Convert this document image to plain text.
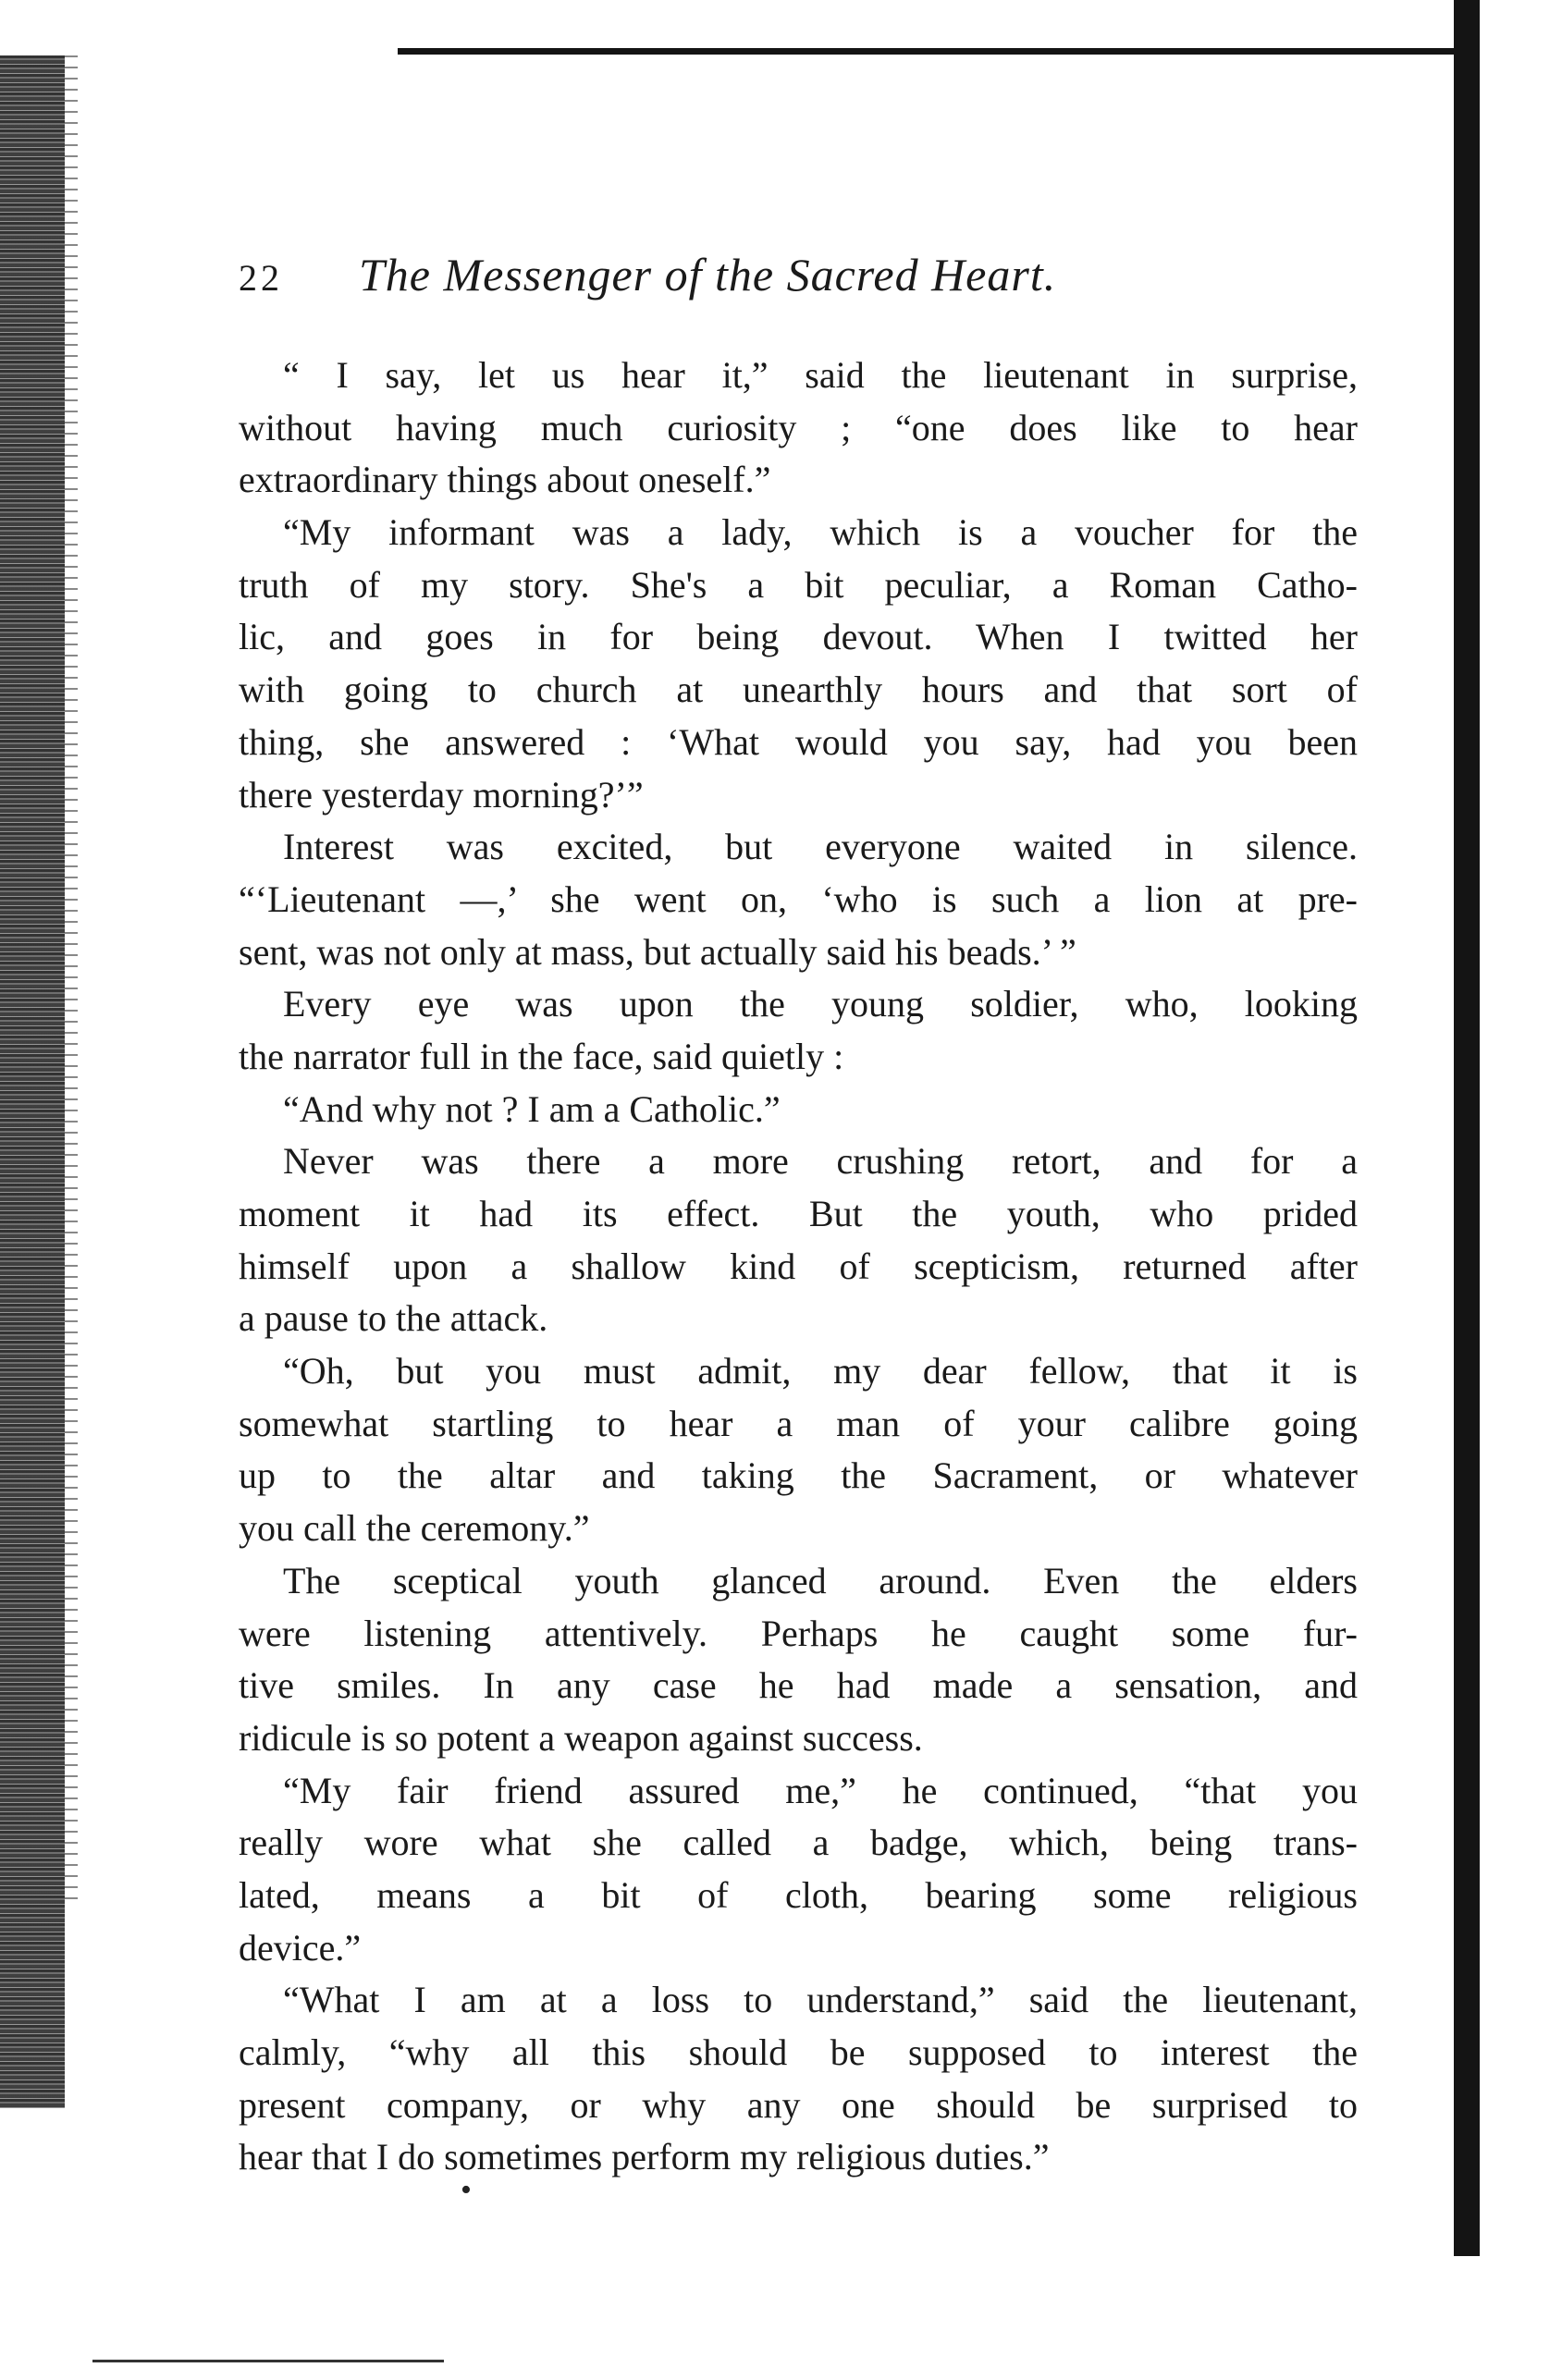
•
22 The Messenger of the Sacred Heart.
“ I say, let us hear it,” said the lieutenant in surprise,
without having much curiosity ; “one does like to hear
extraordinary things about oneself.”
“My informant was a lady, which is a voucher for the
truth of my story. She's a bit peculiar, a Roman Catho-
lic, and goes in for being devout. When I twitted her
with going to church at unearthly hours and that sort of
thing, she answered : ‘What would you say, had you been
there yesterday morning?’”
Interest was excited, but everyone waited in silence.
“‘Lieutenant —,’ she went on, ‘who is such a lion at pre-
sent, was not only at mass, but actually said his beads.’ ”
Every eye was upon the young soldier, who, looking
the narrator full in the face, said quietly :
“And why not ? I am a Catholic.”
Never was there a more crushing retort, and for a
moment it had its effect. But the youth, who prided
himself upon a shallow kind of scepticism, returned after
a pause to the attack.
“Oh, but you must admit, my dear fellow, that it is
somewhat startling to hear a man of your calibre going
up to the altar and taking the Sacrament, or whatever
you call the ceremony.”
The sceptical youth glanced around. Even the elders
were listening attentively. Perhaps he caught some fur-
tive smiles. In any case he had made a sensation, and
ridicule is so potent a weapon against success.
“My fair friend assured me,” he continued, “that you
really wore what she called a badge, which, being trans-
lated, means a bit of cloth, bearing some religious
device.”
“What I am at a loss to understand,” said the lieutenant,
calmly, “why all this should be supposed to interest the
present company, or why any one should be surprised to
hear that I do sometimes perform my religious duties.”
